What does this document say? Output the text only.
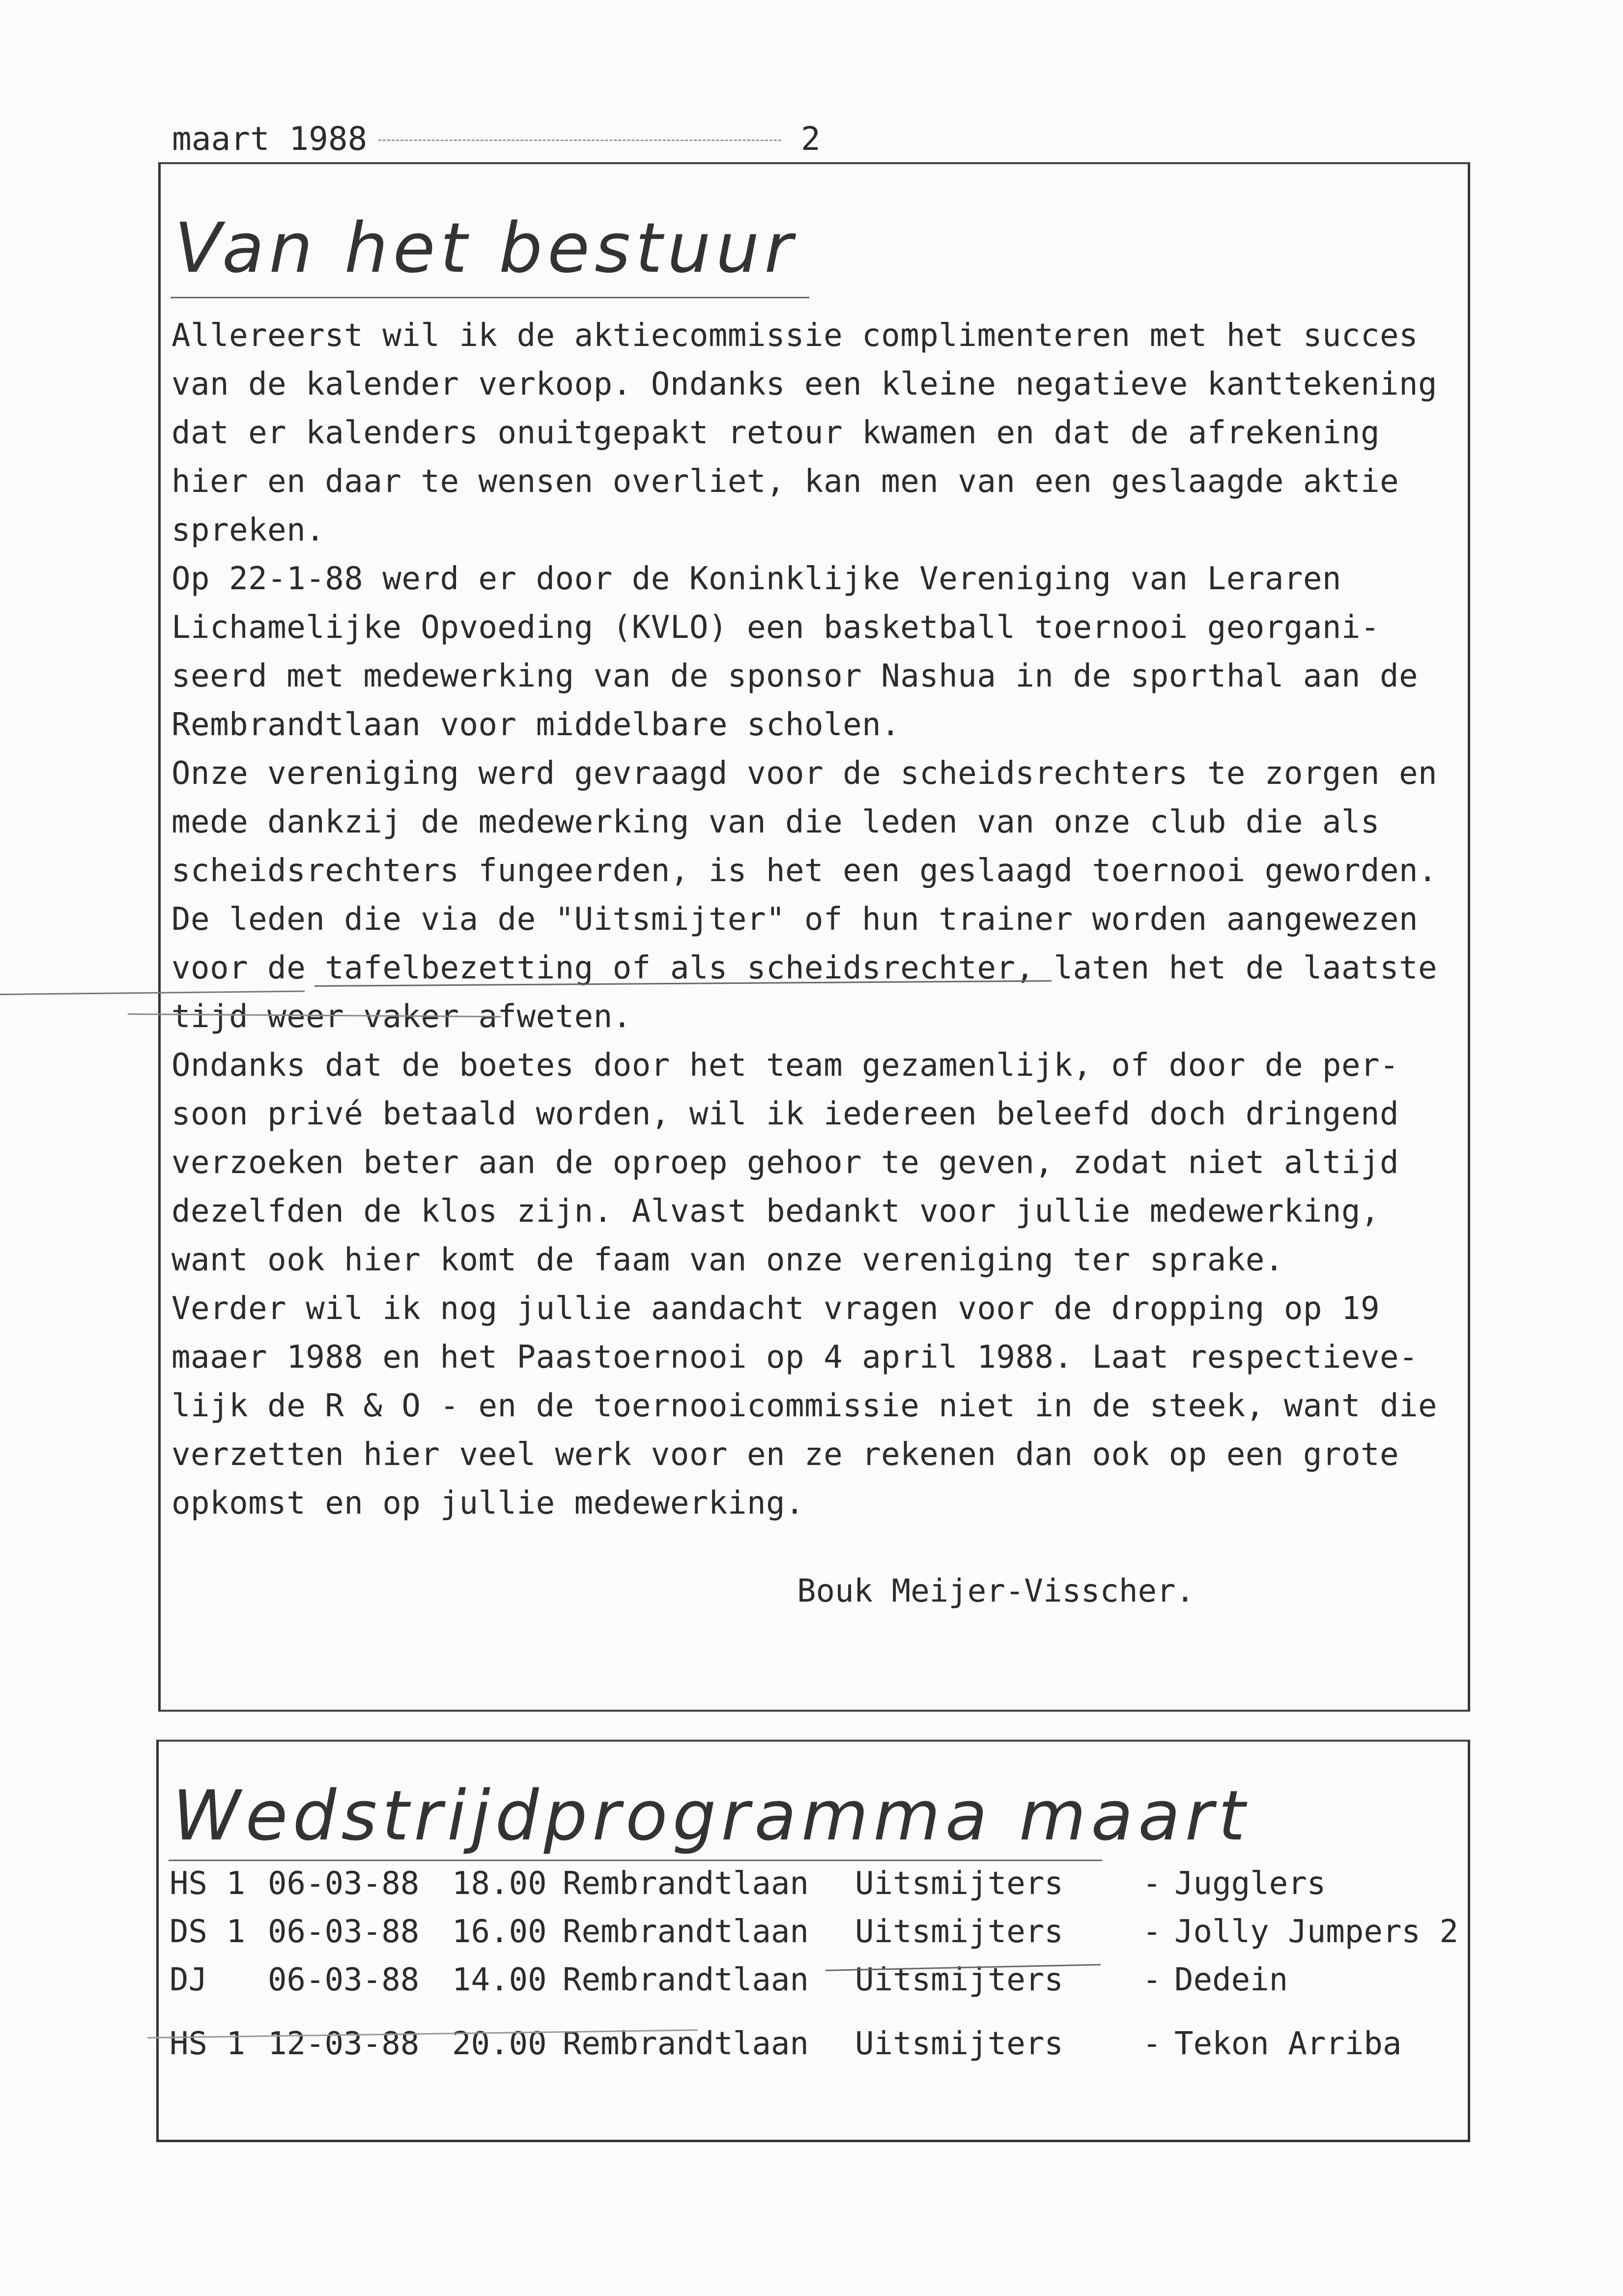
maart 1988	2
Van het bestuur
Allereerst wil ik de aktiecommissie complimenteren met het succes
van de kalender verkoop. Ondanks een kleine negatieve kanttekening
dat er kalenders onuitgepakt retour kwamen en dat de afrekening
hier en daar te wensen overliet, kan men van een geslaagde aktie
spreken.
Op 22-1-88 werd er door de Koninklijke Vereniging van Leraren
Lichamelijke Opvoeding (KVLO) een basketball toernooi georgani-
seerd met medewerking van de sponsor Nashua in de sporthal aan de
Rembrandtlaan voor middelbare scholen.
Onze vereniging werd gevraagd voor de scheidsrechters te zorgen en
mede dankzij de medewerking van die leden van onze club die als
scheidsrechters fungeerden, is het een geslaagd toernooi geworden.
De leden die via de "Uitsmijter" of hun trainer worden aangewezen
voor de tafelbezetting of als scheidsrechter, laten het de laatste
tijd weer vaker afweten.
Ondanks dat de boetes door het team gezamenlijk, of door de per-
soon privé betaald worden, wil ik iedereen beleefd doch dringend
verzoeken beter aan de oproep gehoor te geven, zodat niet altijd
dezelfden de klos zijn. Alvast bedankt voor jullie medewerking,
want ook hier komt de faam van onze vereniging ter sprake.
Verder wil ik nog jullie aandacht vragen voor de dropping op 19
maaer 1988 en het Paastoernooi op 4 april 1988. Laat respectieve-
lijk de R & O - en de toernooicommissie niet in de steek, want die
verzetten hier veel werk voor en ze rekenen dan ook op een grote
opkomst en op jullie medewerking.
Bouk Meijer-Visscher.
Wedstrijdprogramma maart
HS 1 06-03-88 18.00 Rembrandtlaan Uitsmijters	- Jugglers
DS 1 06-03-88 16.00 Rembrandtlaan Uitsmijters	- Jolly Jumpers 2
DJ 06-03-88 14.00 Rembrandtlaan Uitsmijters	- Dedein
HS 1 12-03-88 20.00 Rembrandtlaan Uitsmijters	- Tekon Arriba
